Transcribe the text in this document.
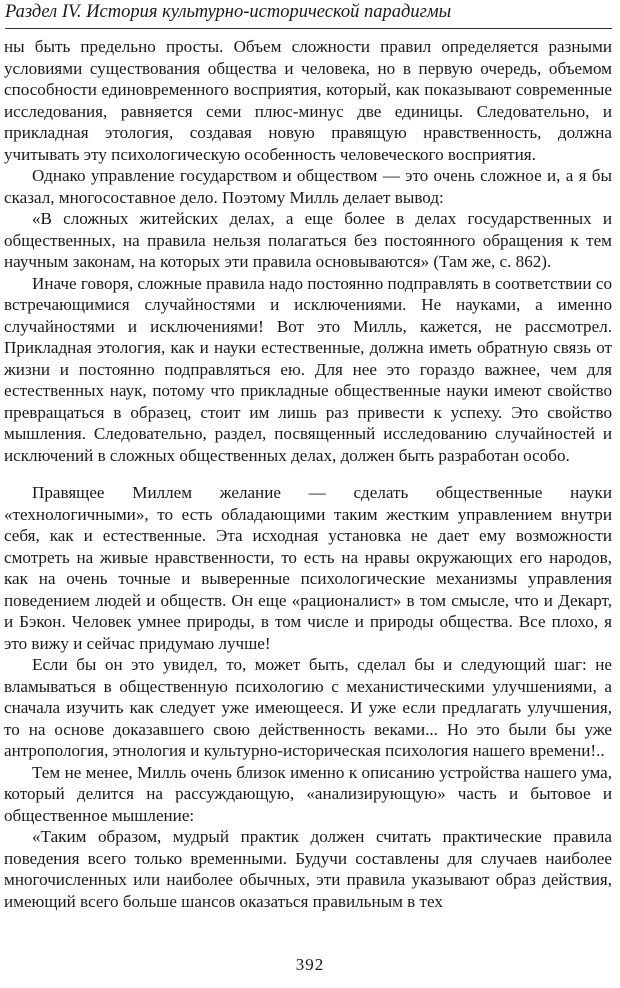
Раздел IV. История культурно-исторической парадигмы

ны быть предельно просты. Объем сложности правил определяется разными условиями существования общества и человека, но в первую очередь, объемом способности единовременного восприятия, который, как показывают современные исследования, равняется семи плюс-минус две единицы. Следовательно, и прикладная этология, создавая новую правящую нравственность, должна учитывать эту психологическую особенность человеческого восприятия.

Однако управление государством и обществом — это очень сложное и, а я бы сказал, многосоставное дело. Поэтому Милль делает вывод:

«В сложных житейских делах, а еще более в делах государственных и общественных, на правила нельзя полагаться без постоянного обращения к тем научным законам, на которых эти правила основываются» (Там же, с. 862).

Иначе говоря, сложные правила надо постоянно подправлять в соответствии со встречающимися случайностями и исключениями. Не науками, а именно случайностями и исключениями! Вот это Милль, кажется, не рассмотрел. Прикладная этология, как и науки естественные, должна иметь обратную связь от жизни и постоянно подправляться ею. Для нее это гораздо важнее, чем для естественных наук, потому что прикладные общественные науки имеют свойство превращаться в образец, стоит им лишь раз привести к успеху. Это свойство мышления. Следовательно, раздел, посвященный исследованию случайностей и исключений в сложных общественных делах, должен быть разработан особо.

Правящее Миллем желание — сделать общественные науки «технологичными», то есть обладающими таким жестким управлением внутри себя, как и естественные. Эта исходная установка не дает ему возможности смотреть на живые нравственности, то есть на нравы окружающих его народов, как на очень точные и выверенные психологические механизмы управления поведением людей и обществ. Он еще «рационалист» в том смысле, что и Декарт, и Бэкон. Человек умнее природы, в том числе и природы общества. Все плохо, я это вижу и сейчас придумаю лучше!

Если бы он это увидел, то, может быть, сделал бы и следующий шаг: не вламываться в общественную психологию с механистическими улучшениями, а сначала изучить как следует уже имеющееся. И уже если предлагать улучшения, то на основе доказавшего свою действенность веками... Но это были бы уже антропология, этнология и культурно-историческая психология нашего времени!..

Тем не менее, Милль очень близок именно к описанию устройства нашего ума, который делится на рассуждающую, «анализирующую» часть и бытовое и общественное мышление:

«Таким образом, мудрый практик должен считать практические правила поведения всего только временными. Будучи составлены для случаев наиболее многочисленных или наиболее обычных, эти правила указывают образ действия, имеющий всего больше шансов оказаться правильным в тех

392
